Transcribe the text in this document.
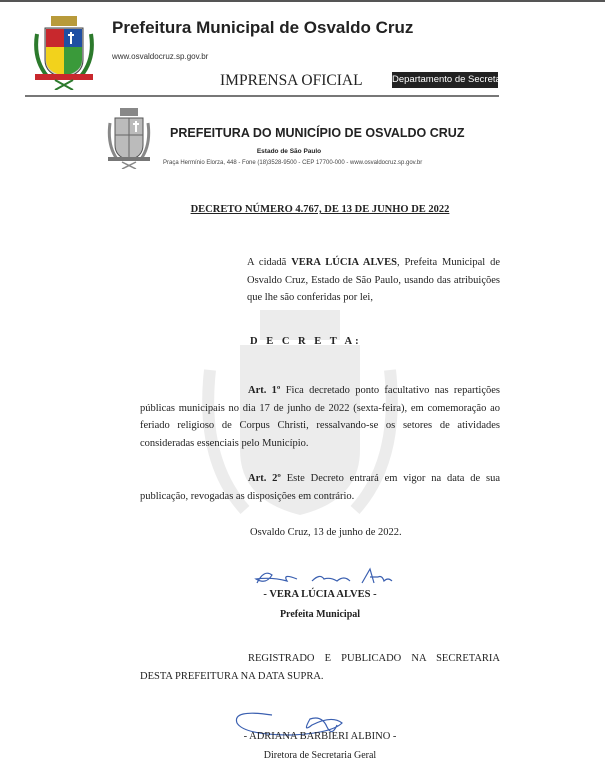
Prefeitura Municipal de Osvaldo Cruz
www.osvaldocruz.sp.gov.br
IMPRENSA OFICIAL	Departamento de Secretaria Geral
PREFEITURA DO MUNICÍPIO DE OSVALDO CRUZ
Estado de São Paulo
Praça Hermínio Elorza, 448 - Fone (18)3528-9500 - CEP 17700-000 - www.osvaldocruz.sp.gov.br
DECRETO NÚMERO 4.767, DE 13 DE JUNHO DE 2022
A cidadã VERA LÚCIA ALVES, Prefeita Municipal de Osvaldo Cruz, Estado de São Paulo, usando das atribuições que lhe são conferidas por lei,
D E C R E T A:
Art. 1º Fica decretado ponto facultativo nas repartições públicas municipais no dia 17 de junho de 2022 (sexta-feira), em comemoração ao feriado religioso de Corpus Christi, ressalvando-se os setores de atividades consideradas essenciais pelo Município.
Art. 2º Este Decreto entrará em vigor na data de sua publicação, revogadas as disposições em contrário.
Osvaldo Cruz, 13 de junho de 2022.
- VERA LÚCIA ALVES -
Prefeita Municipal
REGISTRADO E PUBLICADO NA SECRETARIA DESTA PREFEITURA NA DATA SUPRA.
- ADRIANA BARBIERI ALBINO -
Diretora de Secretaria Geral
